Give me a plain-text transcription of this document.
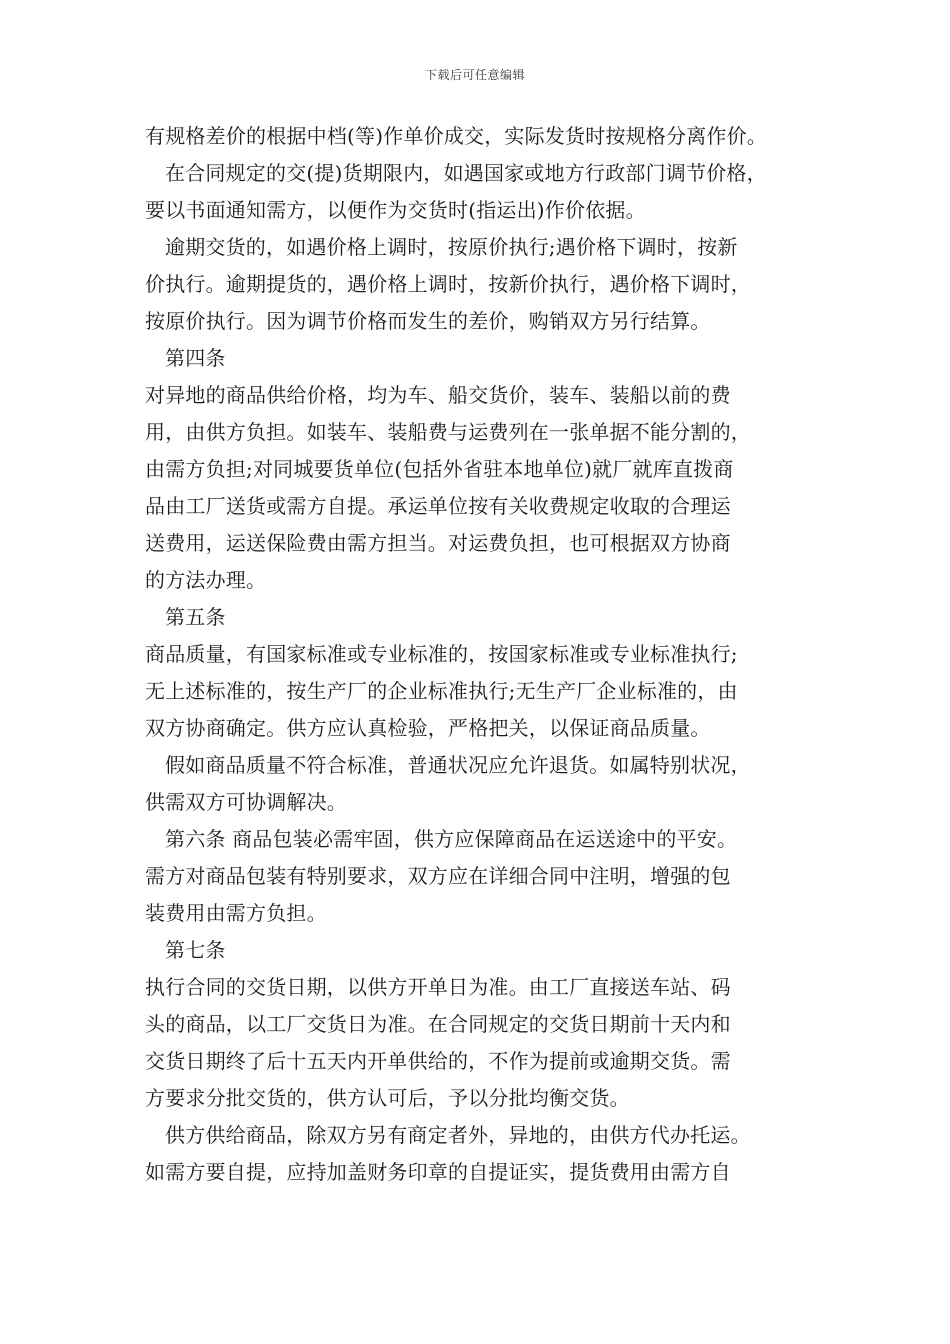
下载后可任意编辑
有规格差价的根据中档(等)作单价成交，实际发货时按规格分离作价。
在合同规定的交(提)货期限内，如遇国家或地方行政部门调节价格，
要以书面通知需方，以便作为交货时(指运出)作价依据。
逾期交货的，如遇价格上调时，按原价执行;遇价格下调时，按新
价执行。逾期提货的，遇价格上调时，按新价执行，遇价格下调时，
按原价执行。因为调节价格而发生的差价，购销双方另行结算。
第四条
对异地的商品供给价格，均为车、船交货价，装车、装船以前的费
用，由供方负担。如装车、装船费与运费列在一张单据不能分割的，
由需方负担;对同城要货单位(包括外省驻本地单位)就厂就库直拨商
品由工厂送货或需方自提。承运单位按有关收费规定收取的合理运
送费用，运送保险费由需方担当。对运费负担，也可根据双方协商
的方法办理。
第五条
商品质量，有国家标准或专业标准的，按国家标准或专业标准执行;
无上述标准的，按生产厂的企业标准执行;无生产厂企业标准的，由
双方协商确定。供方应认真检验，严格把关，以保证商品质量。
假如商品质量不符合标准，普通状况应允许退货。如属特别状况，
供需双方可协调解决。
第六条 商品包装必需牢固，供方应保障商品在运送途中的平安。
需方对商品包装有特别要求，双方应在详细合同中注明，增强的包
装费用由需方负担。
第七条
执行合同的交货日期，以供方开单日为准。由工厂直接送车站、码
头的商品，以工厂交货日为准。在合同规定的交货日期前十天内和
交货日期终了后十五天内开单供给的，不作为提前或逾期交货。需
方要求分批交货的，供方认可后，予以分批均衡交货。
供方供给商品，除双方另有商定者外，异地的，由供方代办托运。
如需方要自提，应持加盖财务印章的自提证实，提货费用由需方自
